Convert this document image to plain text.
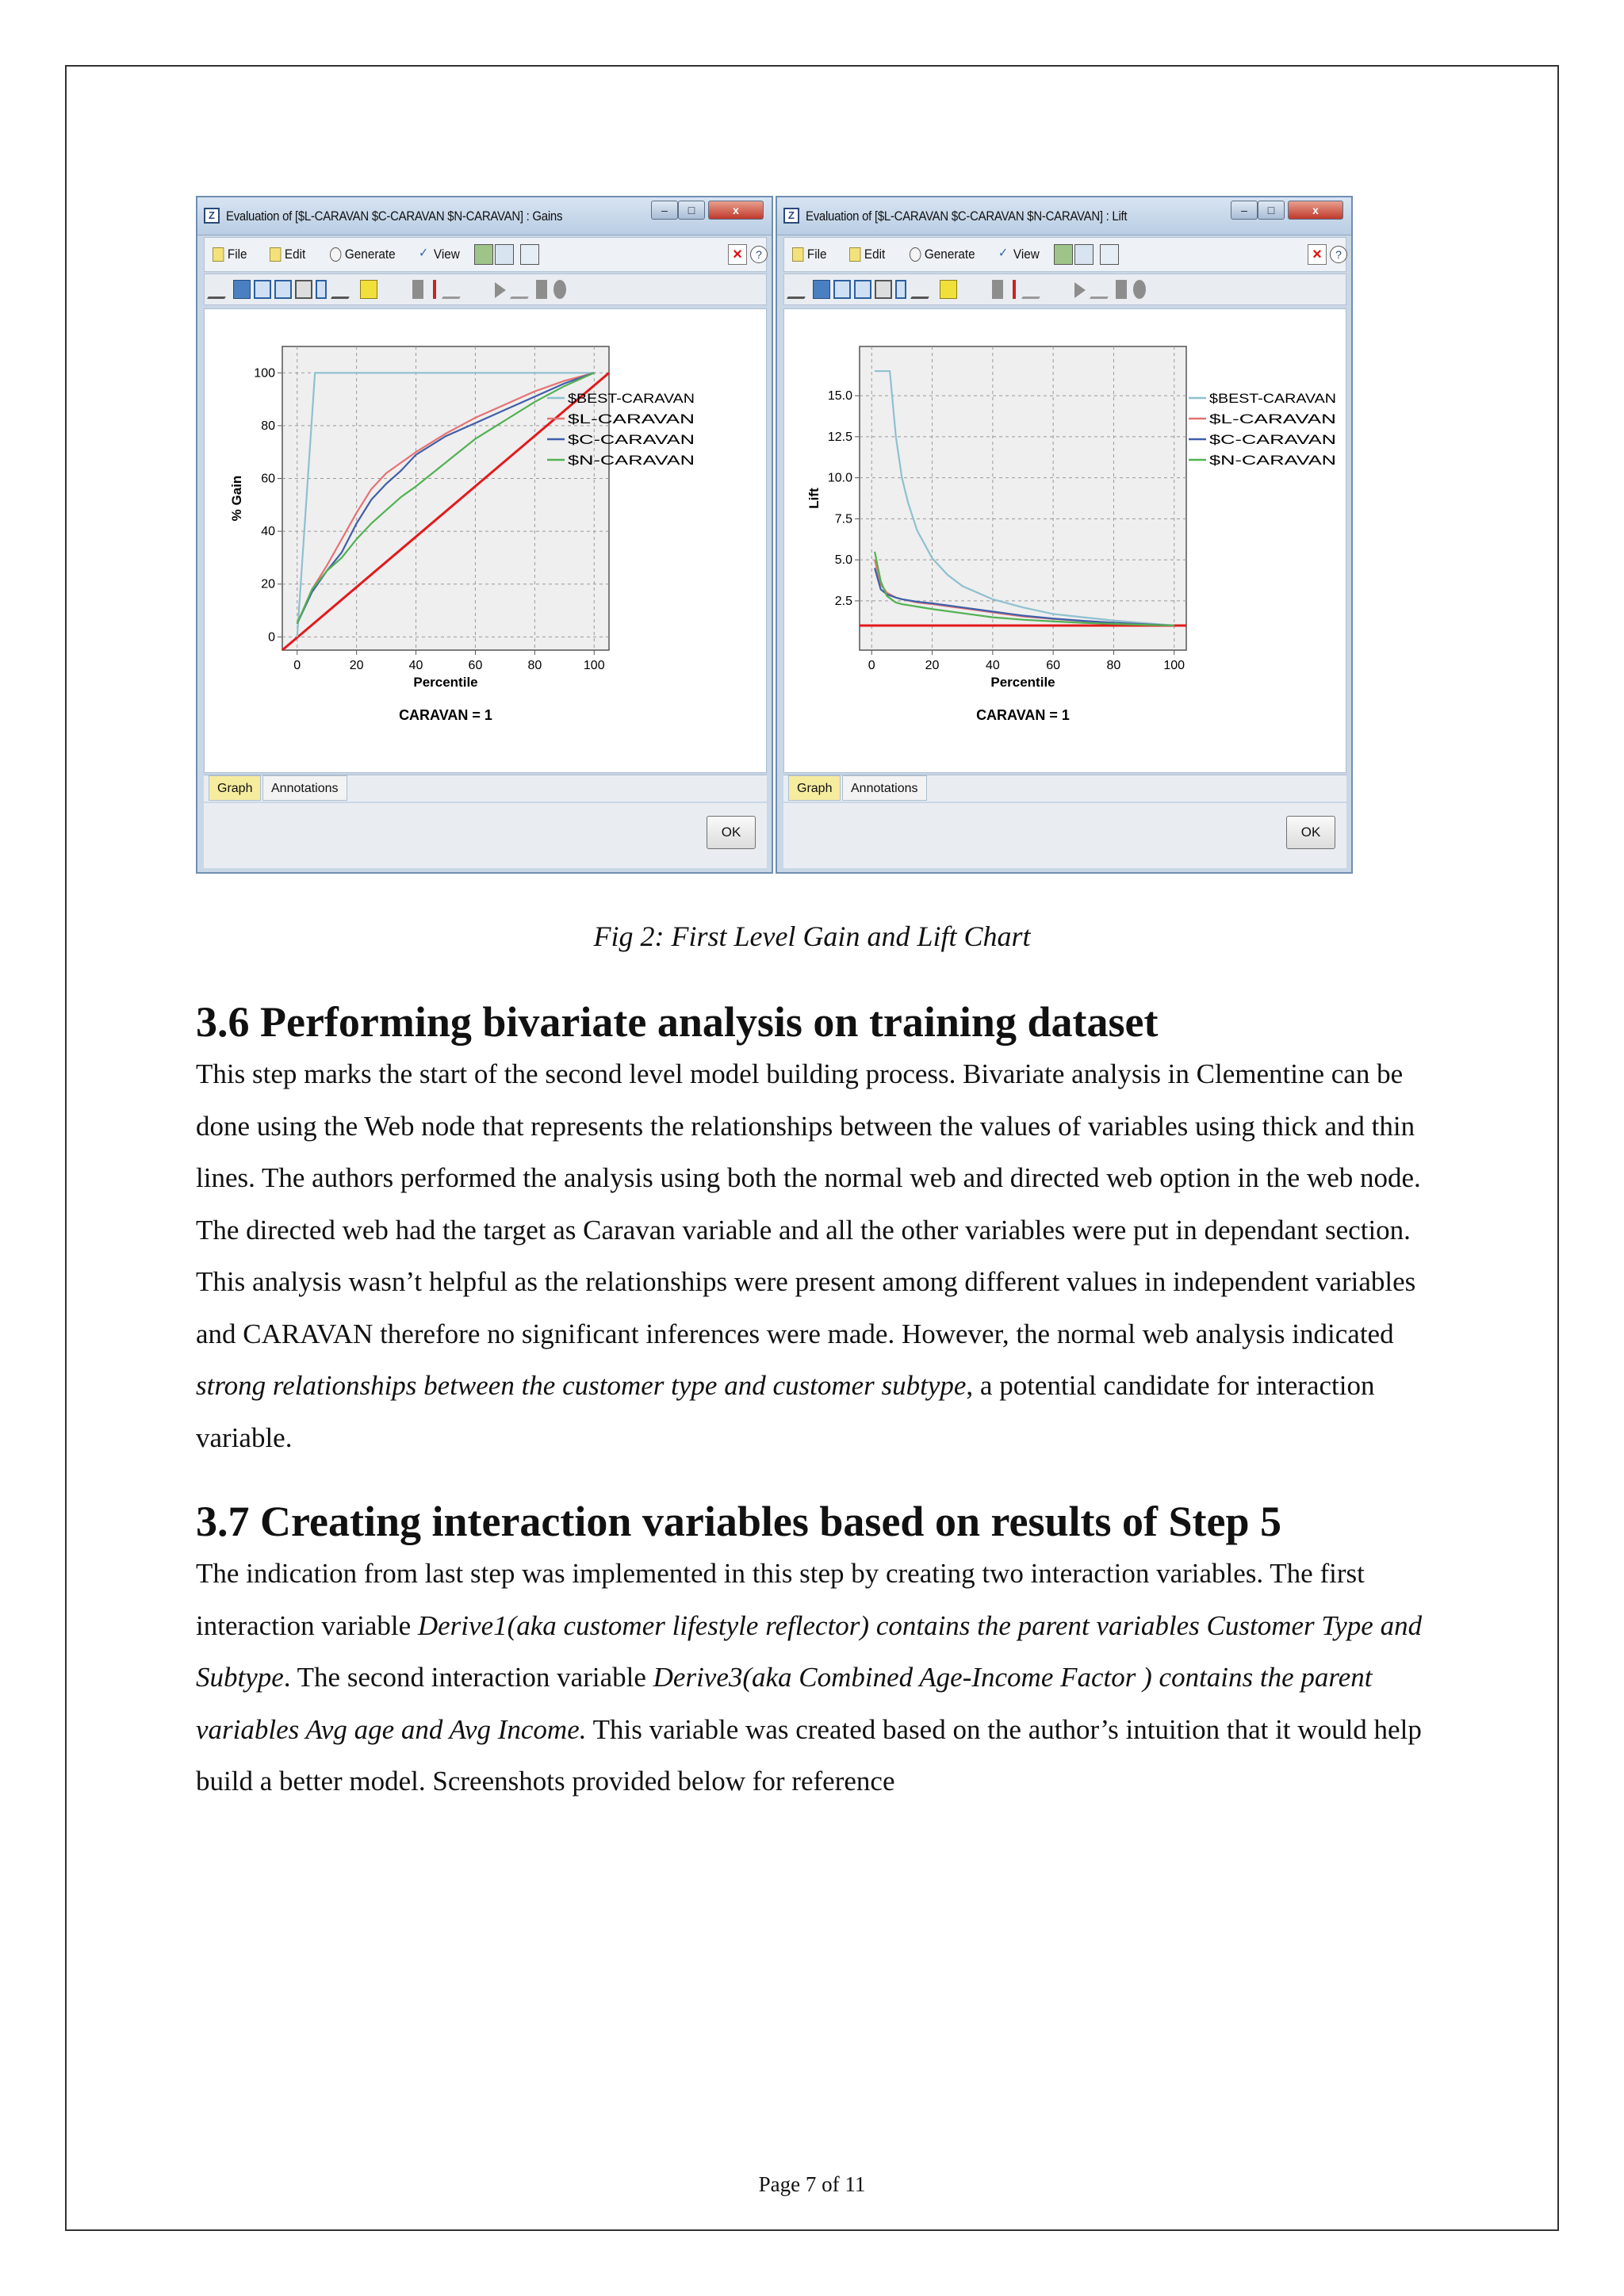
Z Evaluation of [$L-CARAVAN $C-CARAVAN $N-CARAVAN] : Gains	–	□	x
File	Edit	Generate ✓ View	×	?
0	20	40	60	80	100
0
20
40
60
80
100
$BEST-CARAVAN
$L-CARAVAN
$C-CARAVAN
$N-CARAVAN
Percentile
% Gain
CARAVAN = 1
Graph	Annotations
OK
Z Evaluation of [$L-CARAVAN $C-CARAVAN $N-CARAVAN] : Lift	–	□	x
File	Edit	Generate ✓ View	×	?
0	20	40	60	80	100
2.5
5.0
7.5
10.0
12.5
15.0	$BEST-CARAVAN
$L-CARAVAN
$C-CARAVAN
$N-CARAVAN
Percentile
Lift
CARAVAN = 1
Graph	Annotations
OK
Fig 2: First Level Gain and Lift Chart
3.6 Performing bivariate analysis on training dataset
This step marks the start of the second level model building process. Bivariate analysis in Clementine can be done using the Web node that represents the relationships between the values of variables using thick and thin lines. The authors performed the analysis using both the normal web and directed web option in the web node. The directed web had the target as Caravan variable and all the other variables were put in dependant section. This analysis wasn’t helpful as the relationships were present among different values in independent variables and CARAVAN therefore no significant inferences were made. However, the normal web analysis indicated strong relationships between the customer type and customer subtype, a potential candidate for interaction variable.
3.7 Creating interaction variables based on results of Step 5
The indication from last step was implemented in this step by creating two interaction variables. The first interaction variable Derive1(aka customer lifestyle reflector) contains the parent variables Customer Type and Subtype. The second interaction variable Derive3(aka Combined Age-Income Factor ) contains the parent variables Avg age and Avg Income. This variable was created based on the author’s intuition that it would help build a better model. Screenshots provided below for reference
Page 7 of 11
